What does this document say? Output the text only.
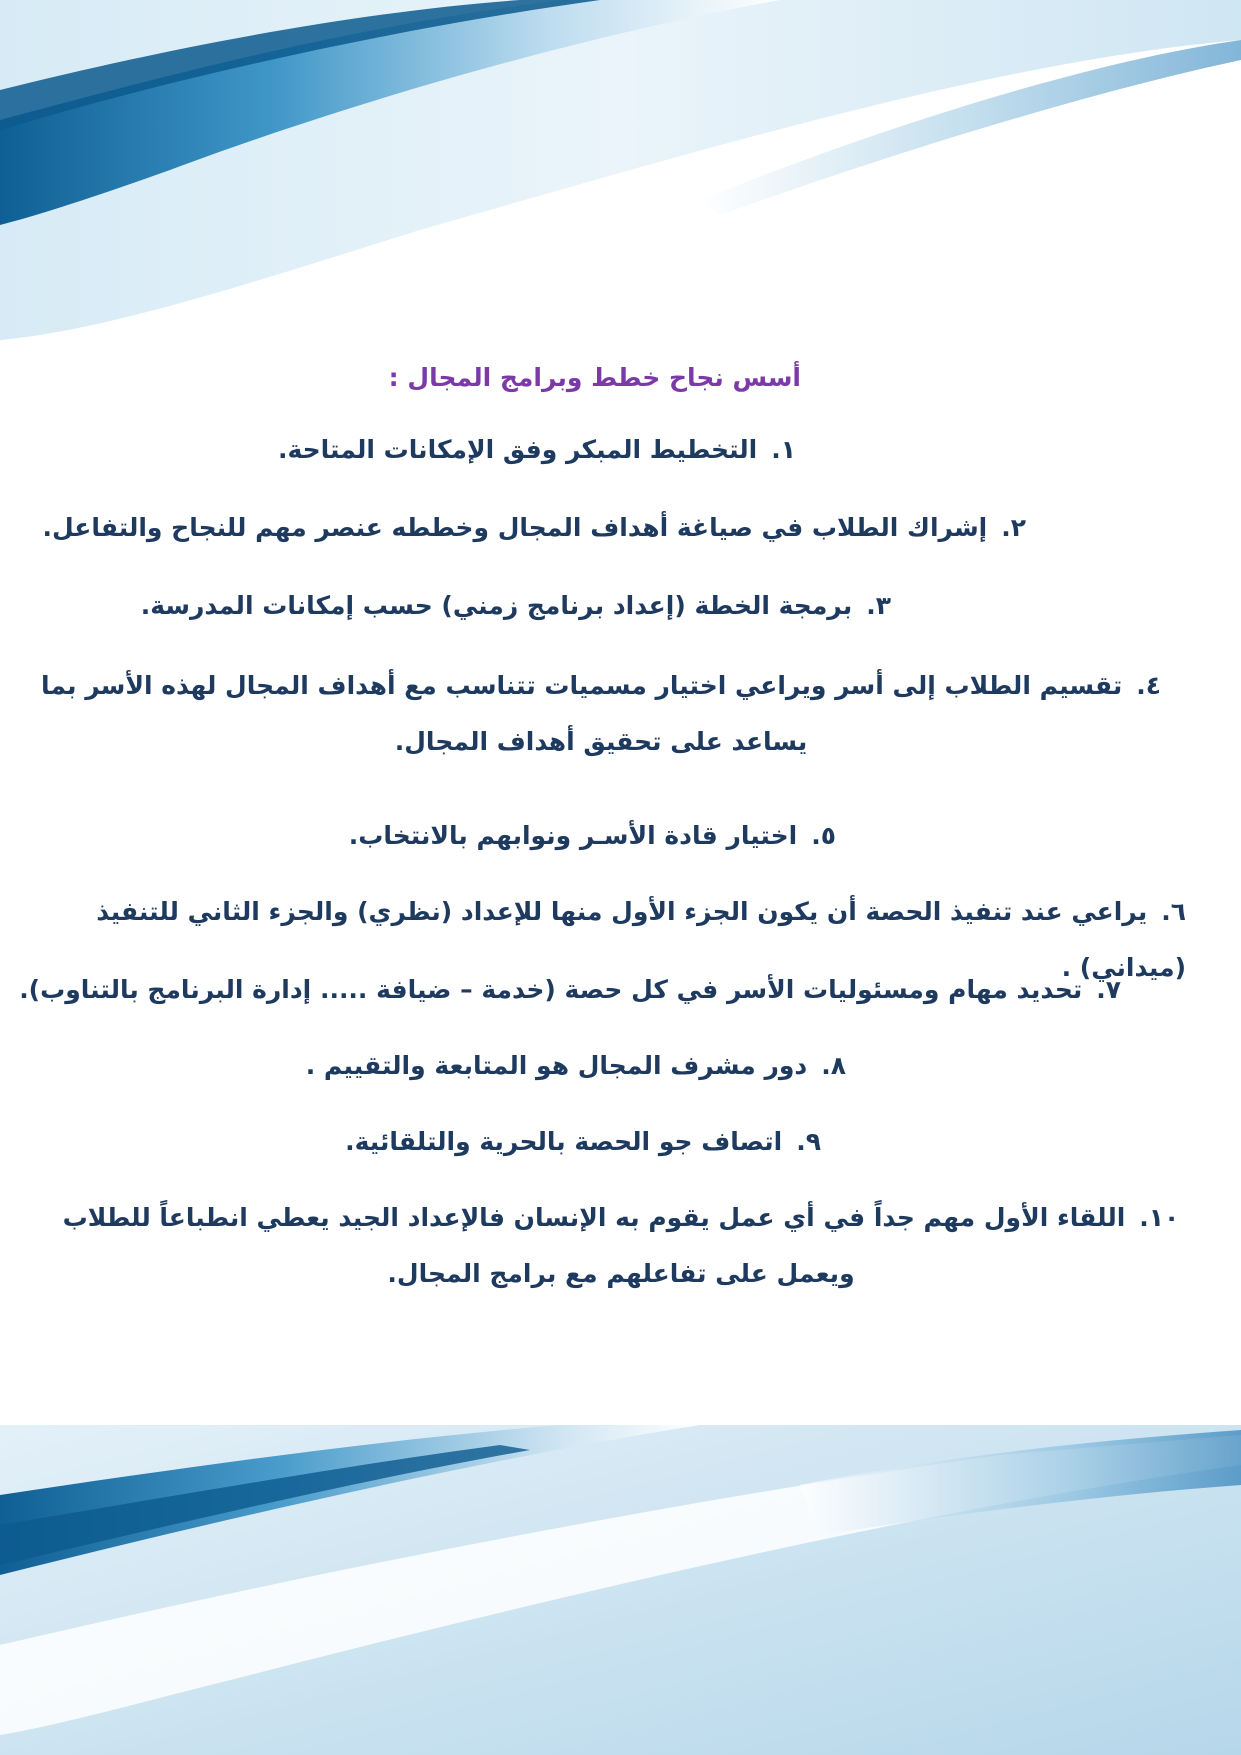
أسس نجاح خطط وبرامج المجال :
١.التخطيط المبكر وفق الإمكانات المتاحة.
٢.إشراك الطلاب في صياغة أهداف المجال وخططه عنصر مهم للنجاح والتفاعل.
٣.برمجة الخطة (إعداد برنامج زمني) حسب إمكانات المدرسة.
٤.تقسيم الطلاب إلى أسر ويراعي اختيار مسميات تتناسب مع أهداف المجال لهذه الأسر بما يساعد على تحقيق أهداف المجال.
٥.اختيار قادة الأسـر ونوابهم بالانتخاب.
٦.يراعي عند تنفيذ الحصة أن يكون الجزء الأول منها للإعداد (نظري) والجزء الثاني للتنفيذ (ميداني) .
٧.تحديد مهام ومسئوليات الأسر في كل حصة (خدمة – ضيافة ..... إدارة البرنامج بالتناوب).
٨.دور مشرف المجال هو المتابعة والتقييم .
٩.اتصاف جو الحصة بالحرية والتلقائية.
١٠.اللقاء الأول مهم جداً في أي عمل يقوم به الإنسان فالإعداد الجيد يعطي انطباعاً للطلاب ويعمل على تفاعلهم مع برامج المجال.
